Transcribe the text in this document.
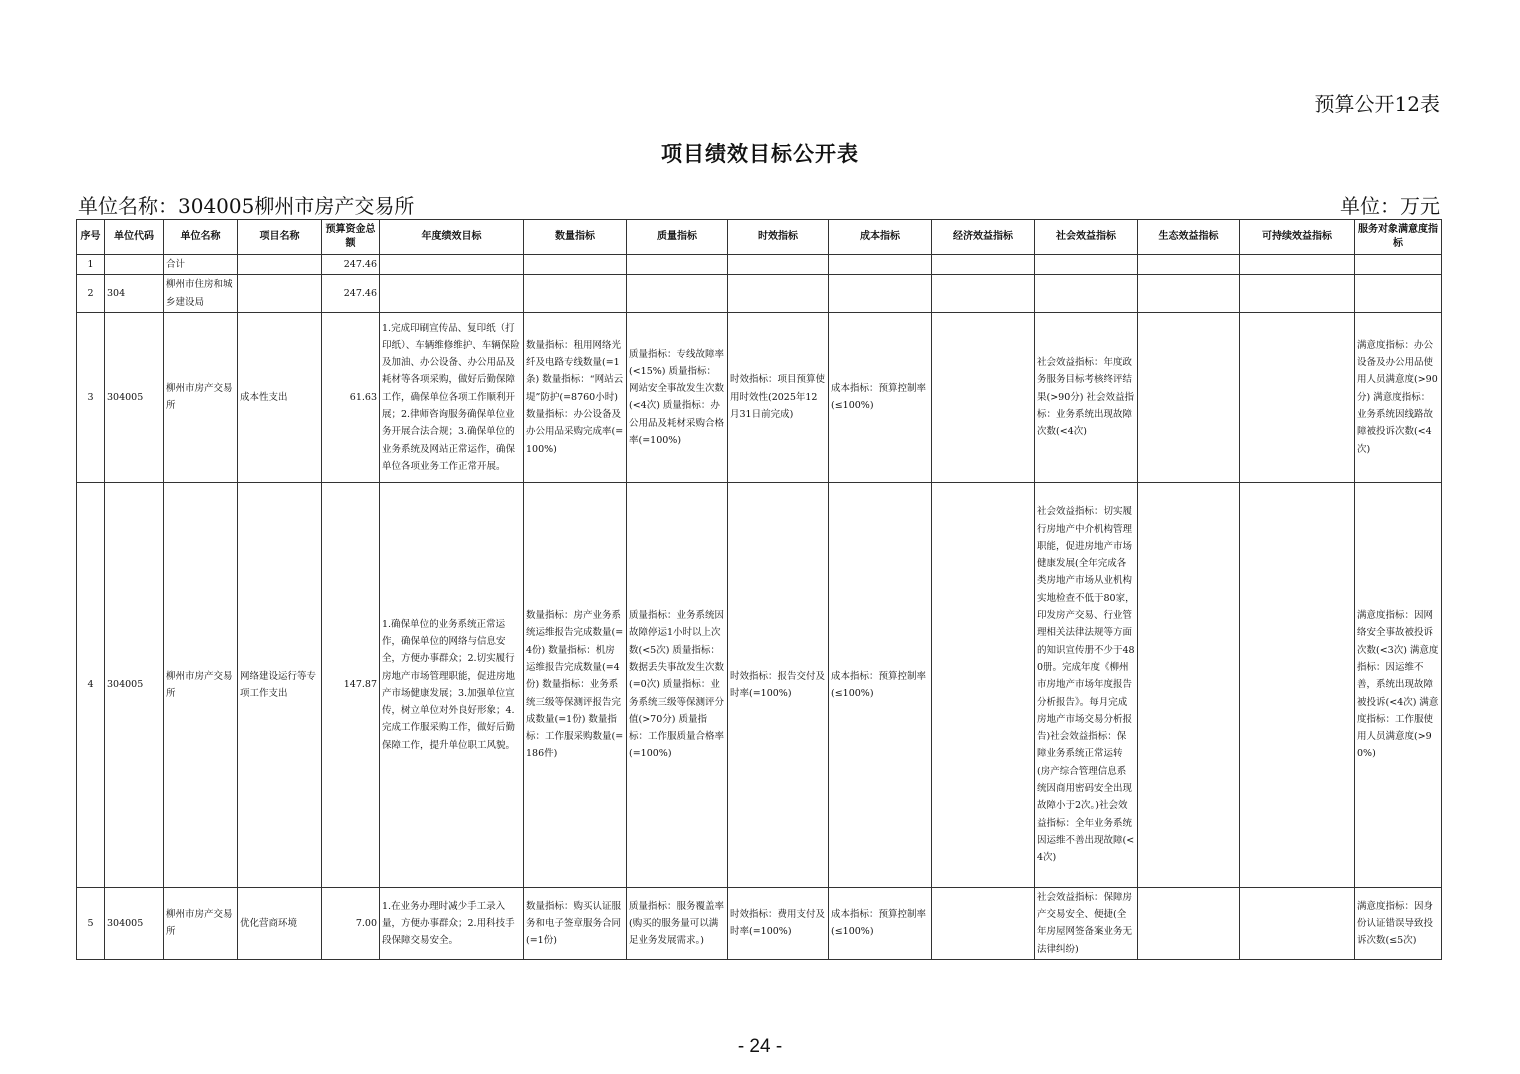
预算公开12表
项目绩效目标公开表
单位名称：304005柳州市房产交易所	单位：万元
序号	单位代码	单位名称	项目名称	预算资金总额	年度绩效目标	数量指标	质量指标	时效指标	成本指标	经济效益指标	社会效益指标	生态效益指标	可持续效益指标	服务对象满意度指标
1		合计		247.46										
2	304	柳州市住房和城乡建设局		247.46										
3	304005	柳州市房产交易所	成本性支出	61.63	1.完成印刷宣传品、复印纸（打印纸）、车辆维修维护、车辆保险及加油、办公设备、办公用品及耗材等各项采购，做好后勤保障工作，确保单位各项工作顺利开展；2.律师咨询服务确保单位业务开展合法合规；3.确保单位的业务系统及网站正常运作，确保单位各项业务工作正常开展。	数量指标：租用网络光纤及电路专线数量(=1条) 数量指标：“网站云堤”防护(=8760小时) 数量指标：办公设备及办公用品采购完成率(=100%)	质量指标：专线故障率(<15%) 质量指标：网站安全事故发生次数(<4次) 质量指标：办公用品及耗材采购合格率(=100%)	时效指标：项目预算使用时效性(2025年12月31日前完成)	成本指标：预算控制率(≤100%)		社会效益指标：年度政务服务目标考核终评结果(>90分) 社会效益指标：业务系统出现故障次数(<4次)			满意度指标：办公设备及办公用品使用人员满意度(>90分) 满意度指标：业务系统因线路故障被投诉次数(<4次)
4	304005	柳州市房产交易所	网络建设运行等专项工作支出	147.87	1.确保单位的业务系统正常运作，确保单位的网络与信息安全，方便办事群众；2.切实履行房地产市场管理职能，促进房地产市场健康发展；3.加强单位宣传，树立单位对外良好形象；4.完成工作服采购工作，做好后勤保障工作，提升单位职工风貌。	数量指标：房产业务系统运维报告完成数量(=4份) 数量指标：机房运维报告完成数量(=4份) 数量指标：业务系统三级等保测评报告完成数量(=1份) 数量指标：工作服采购数量(=186件)	质量指标：业务系统因故障停运1小时以上次数(<5次) 质量指标：数据丢失事故发生次数(=0次) 质量指标：业务系统三级等保测评分值(>70分) 质量指标：工作服质量合格率(=100%)	时效指标：报告交付及时率(=100%)	成本指标：预算控制率(≤100%)		社会效益指标：切实履行房地产中介机构管理职能，促进房地产市场健康发展(全年完成各类房地产市场从业机构实地检查不低于80家，印发房产交易、行业管理相关法律法规等方面的知识宣传册不少于480册。完成年度《柳州市房地产市场年度报告分析报告》。每月完成房地产市场交易分析报告)社会效益指标：保障业务系统正常运转(房产综合管理信息系统因商用密码安全出现故障小于2次。)社会效益指标：全年业务系统因运维不善出现故障(<4次)			满意度指标：因网络安全事故被投诉次数(<3次) 满意度指标：因运维不善，系统出现故障被投诉(<4次) 满意度指标：工作服使用人员满意度(>90%)
5	304005	柳州市房产交易所	优化营商环境	7.00	1.在业务办理时减少手工录入量，方便办事群众；2.用科技手段保障交易安全。	数量指标：购买认证服务和电子签章服务合同(=1份)	质量指标：服务覆盖率(购买的服务量可以满足业务发展需求。)	时效指标：费用支付及时率(=100%)	成本指标：预算控制率(≤100%)		社会效益指标：保障房产交易安全、便捷(全年房屋网签备案业务无法律纠纷)			满意度指标：因身份认证错误导致投诉次数(≤5次)
- 24 -
